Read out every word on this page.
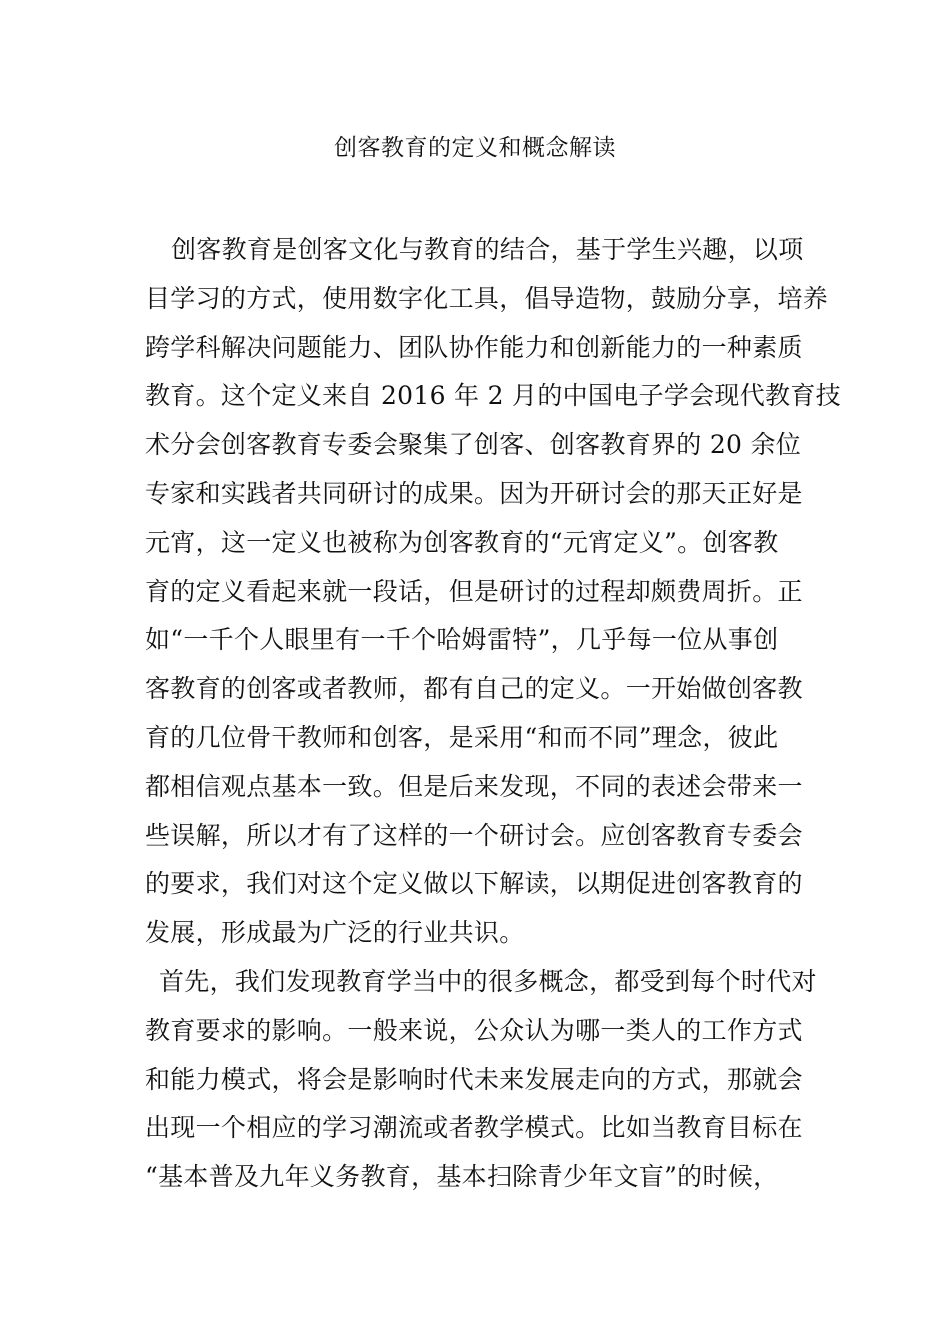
创客教育的定义和概念解读
创客教育是创客文化与教育的结合，基于学生兴趣，以项
目学习的方式，使用数字化工具，倡导造物，鼓励分享，培养
跨学科解决问题能力、团队协作能力和创新能力的一种素质
教育。这个定义来自 2016 年 2 月的中国电子学会现代教育技
术分会创客教育专委会聚集了创客、创客教育界的 20 余位
专家和实践者共同研讨的成果。因为开研讨会的那天正好是
元宵，这一定义也被称为创客教育的“元宵定义”。创客教
育的定义看起来就一段话，但是研讨的过程却颇费周折。正
如“一千个人眼里有一千个哈姆雷特”，几乎每一位从事创
客教育的创客或者教师，都有自己的定义。一开始做创客教
育的几位骨干教师和创客，是采用“和而不同”理念，彼此
都相信观点基本一致。但是后来发现，不同的表述会带来一
些误解，所以才有了这样的一个研讨会。应创客教育专委会
的要求，我们对这个定义做以下解读，以期促进创客教育的
发展，形成最为广泛的行业共识。
首先，我们发现教育学当中的很多概念，都受到每个时代对
教育要求的影响。一般来说，公众认为哪一类人的工作方式
和能力模式，将会是影响时代未来发展走向的方式，那就会
出现一个相应的学习潮流或者教学模式。比如当教育目标在
“基本普及九年义务教育，基本扫除青少年文盲”的时候，
